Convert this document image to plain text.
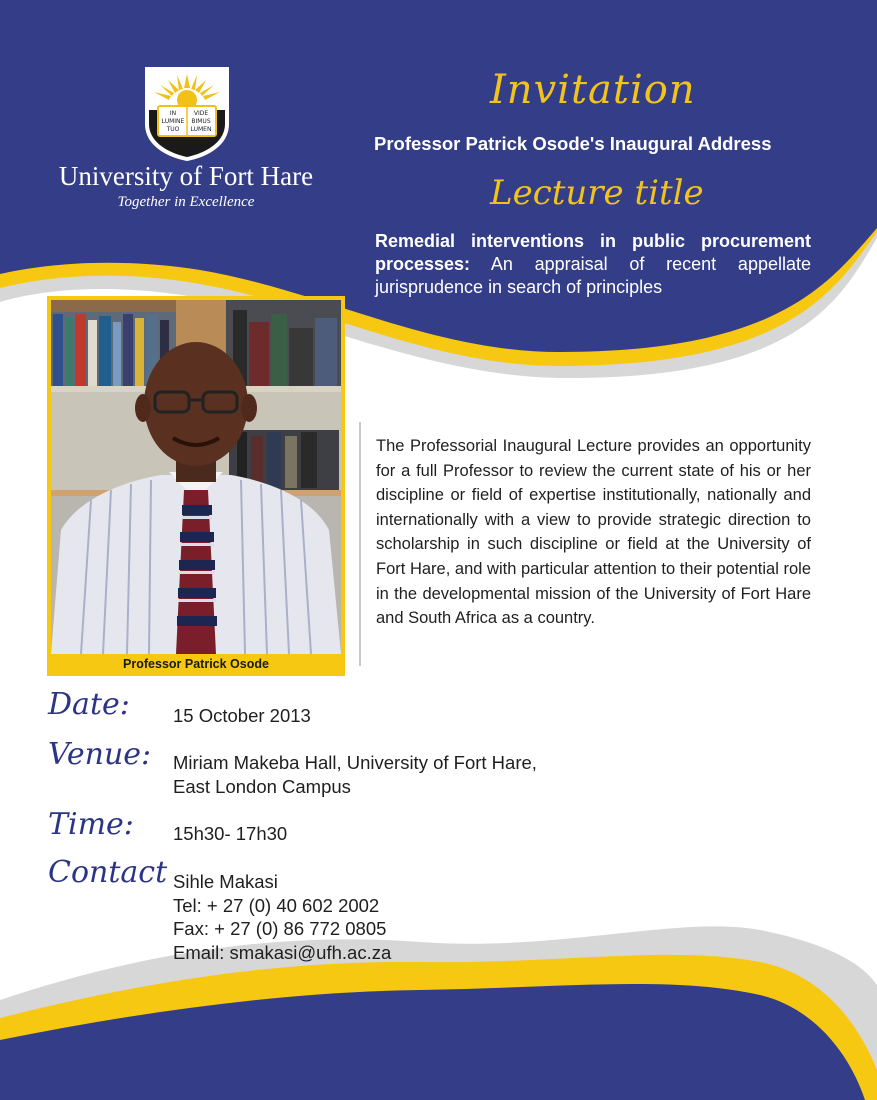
IN	VIDE
LUMINE BIMUS
TUO LUMEN
University of Fort Hare
Together in Excellence
Invitation
Professor Patrick Osode's Inaugural Address
Lecture title
Remedial interventions in public procurement processes: An appraisal of recent appellate
jurisprudence in search of principles
Professor Patrick Osode
The Professorial Inaugural Lecture provides an opportunity for a full Professor to review the current state of his or her discipline or field of expertise institutionally, nationally and internationally with a view to provide strategic direction to scholarship in such discipline or field at the University of Fort Hare, and with particular attention to their potential role in the developmental mission of the University of Fort Hare and South Africa as a country.
Date: 15 October 2013
Venue: Miriam Makeba Hall, University of Fort Hare,
East London Campus
Time: 15h30- 17h30
Contact Sihle Makasi
Tel: + 27 (0) 40 602 2002
Fax: + 27 (0) 86 772 0805
Email: smakasi@ufh.ac.za
